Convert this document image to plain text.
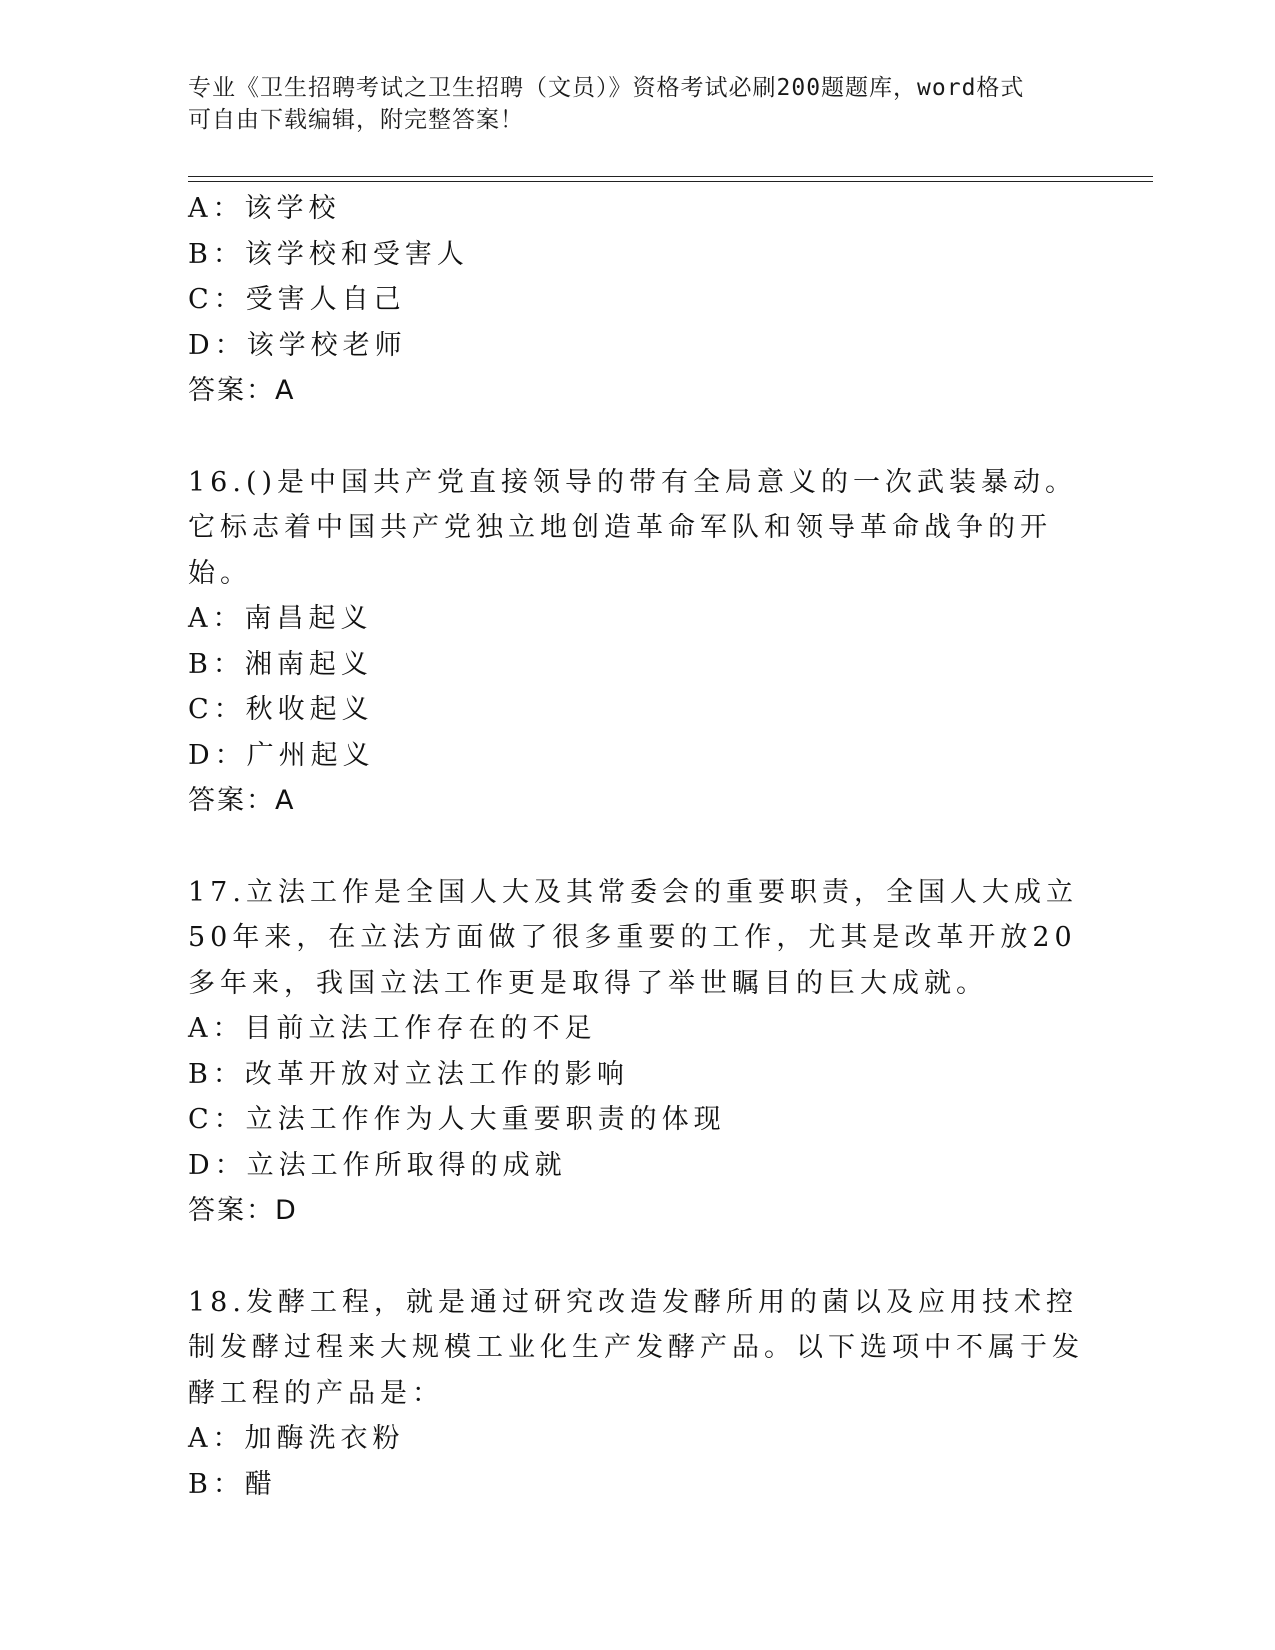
专业《卫生招聘考试之卫生招聘（文员）》资格考试必刷200题题库，word格式
可自由下载编辑，附完整答案！
A：该学校
B：该学校和受害人
C：受害人自己
D：该学校老师
答案：A
16.()是中国共产党直接领导的带有全局意义的一次武装暴动。它标志着中国共产党独立地创造革命军队和领导革命战争的开始。
A：南昌起义
B：湘南起义
C：秋收起义
D：广州起义
答案：A
17.立法工作是全国人大及其常委会的重要职责，全国人大成立50年来，在立法方面做了很多重要的工作，尤其是改革开放20多年来，我国立法工作更是取得了举世瞩目的巨大成就。
A：目前立法工作存在的不足
B：改革开放对立法工作的影响
C：立法工作作为人大重要职责的体现
D：立法工作所取得的成就
答案：D
18.发酵工程，就是通过研究改造发酵所用的菌以及应用技术控制发酵过程来大规模工业化生产发酵产品。以下选项中不属于发酵工程的产品是：
A：加酶洗衣粉
B：醋
